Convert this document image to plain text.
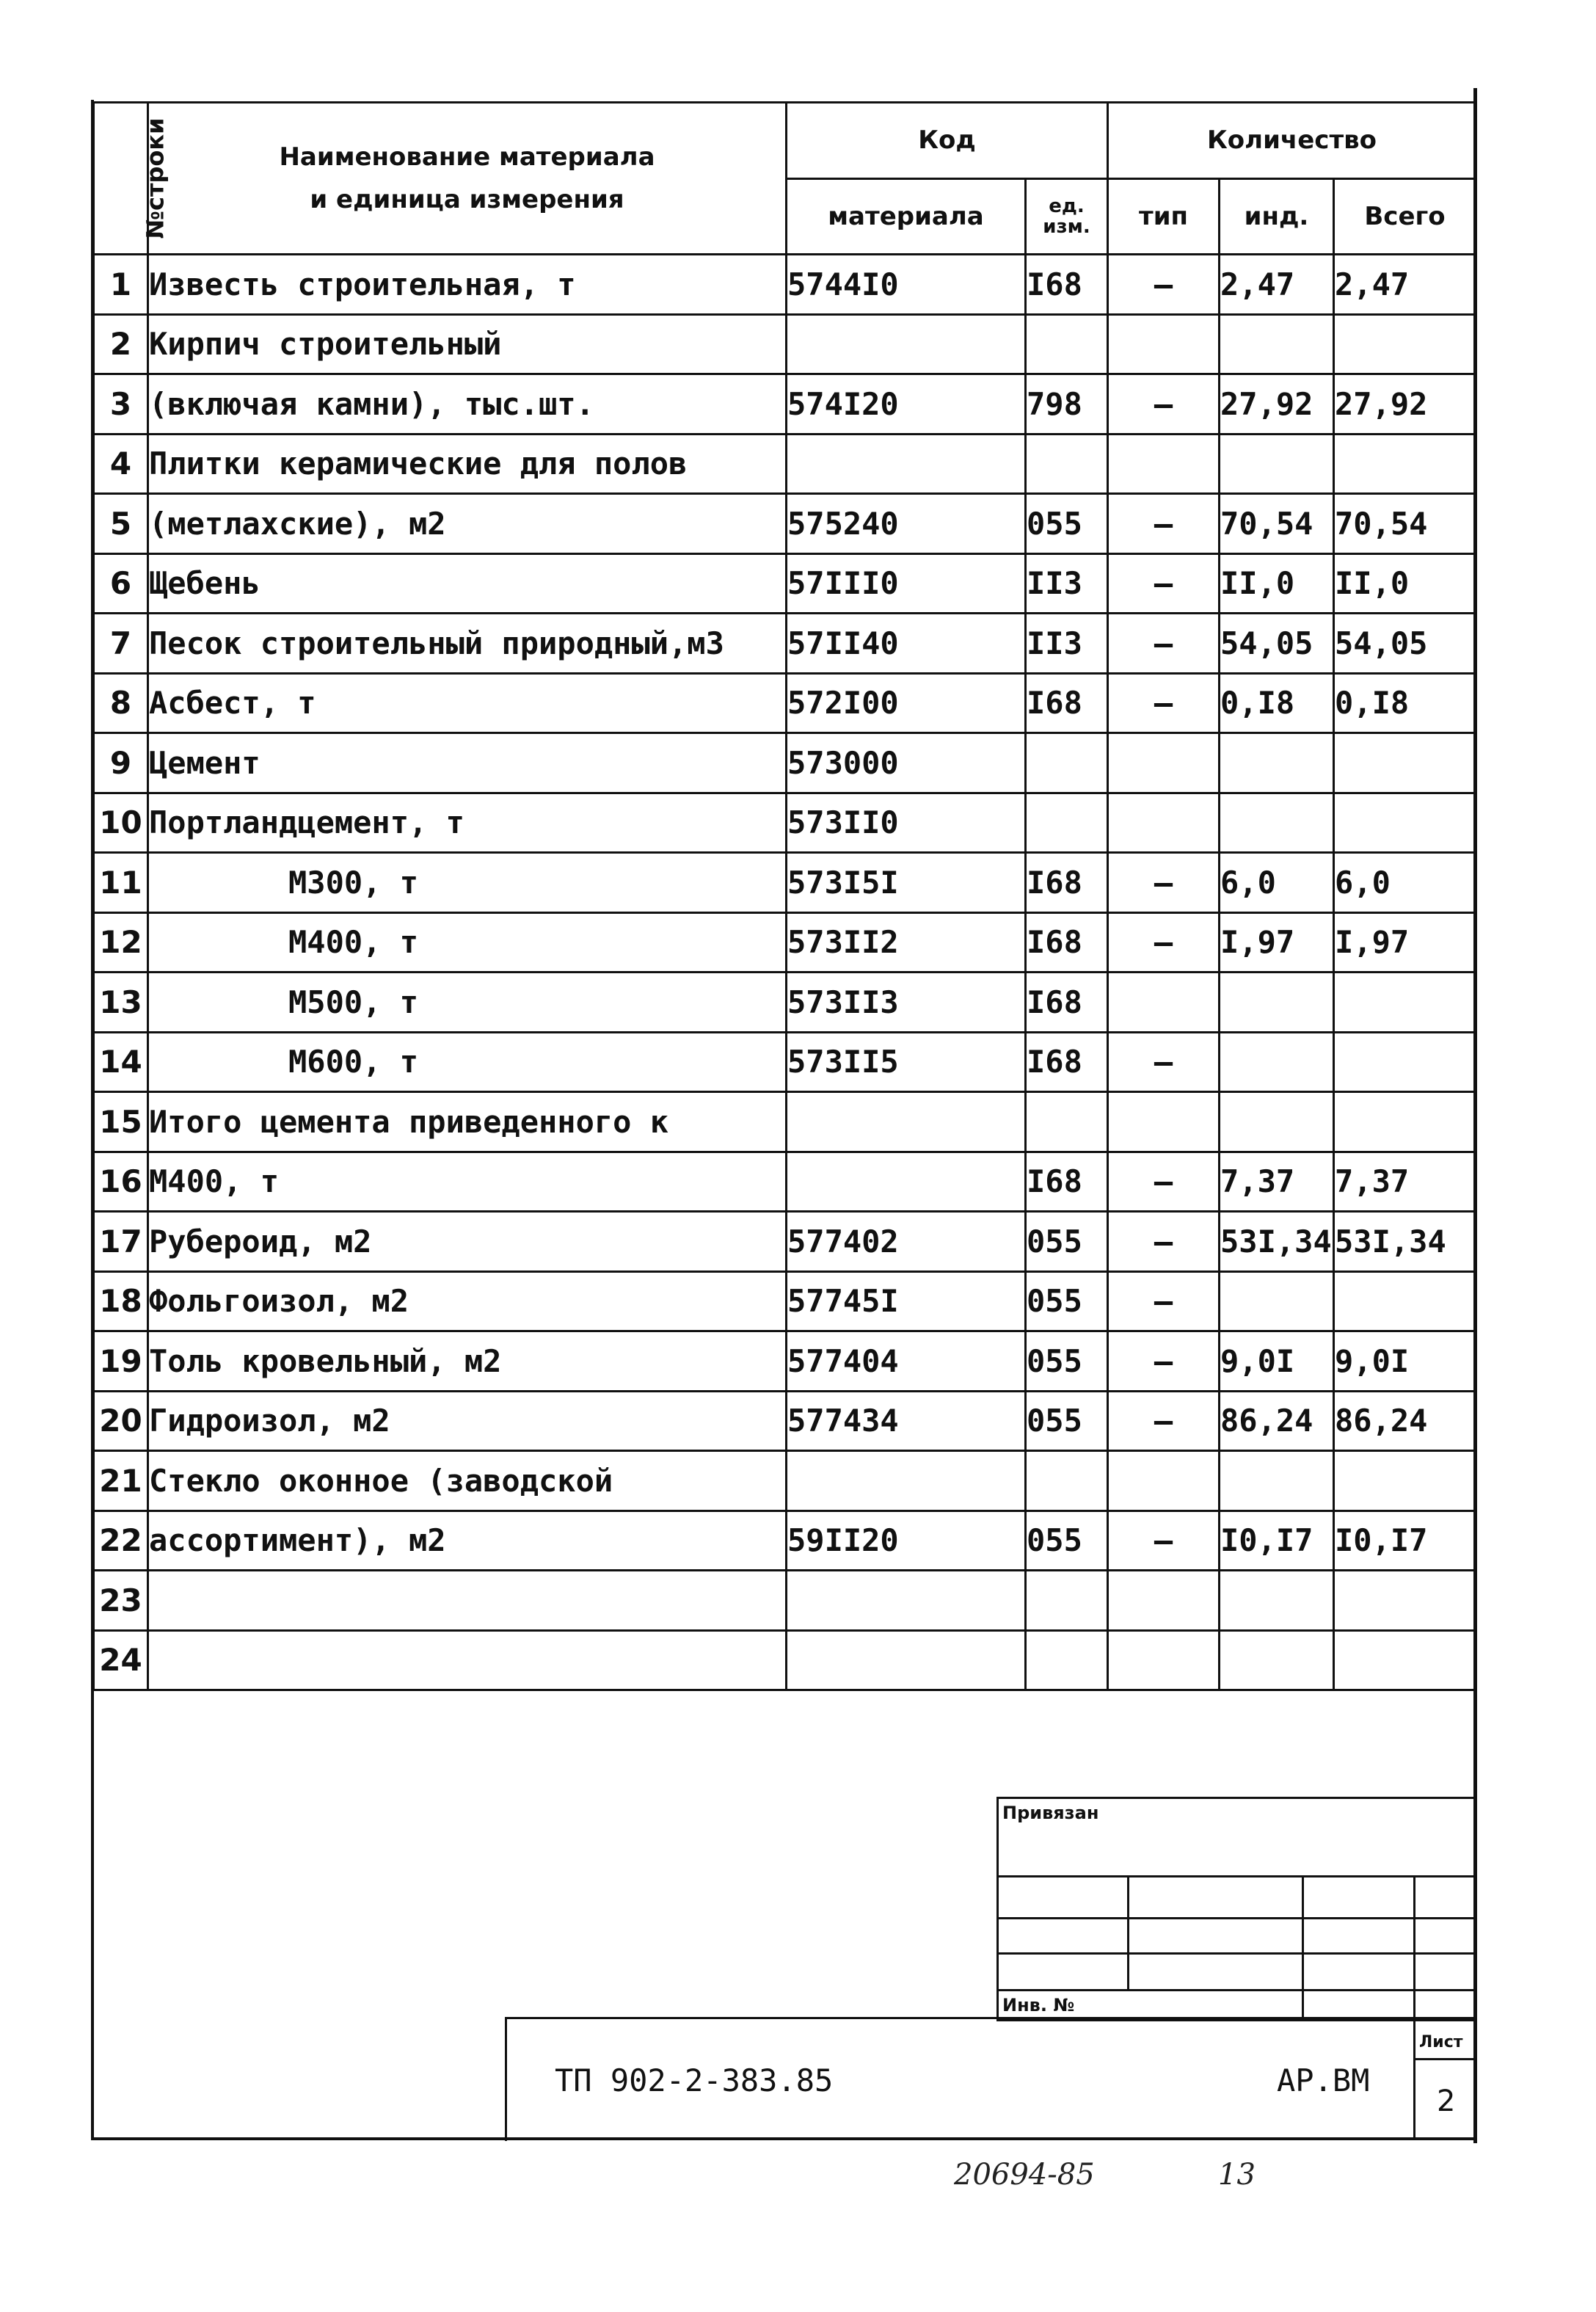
№строки	Наименование материала
и единица измерения	Код		Количество		
		материала	ед. изм.	тип	инд.	Всего
1	Известь строительная, т	5744I0	I68	–	2,47	2,47
2	Кирпич строительный					
3	(включая камни), тыс.шт.	574I20	798	–	27,92	27,92
4	Плитки керамические для полов					
5	(метлахские), м2	575240	055	–	70,54	70,54
6	Щебень	57III0	II3	–	II,0	II,0
7	Песок строительный природный,м3	57II40	II3	–	54,05	54,05
8	Асбест, т	572I00	I68	–	0,I8	0,I8
9	Цемент	573000				
10	Портландцемент, т	573II0				
11	М300, т	573I5I	I68	–	6,0	6,0
12	М400, т	573II2	I68	–	I,97	I,97
13	М500, т	573II3	I68			
14	М600, т	573II5	I68	–		
15	Итого цемента приведенного к					
16	М400, т		I68	–	7,37	7,37
17	Рубероид, м2	577402	055	–	53I,34	53I,34
18	Фольгоизол, м2	57745I	055	–		
19	Толь кровельный, м2	577404	055	–	9,0I	9,0I
20	Гидроизол, м2	577434	055	–	86,24	86,24
21	Стекло оконное (заводской					
22	ассортимент), м2	59II20	055	–	I0,I7	I0,I7
23						
24						
Привязан
Инв. №
ТП 902-2-383.85	АР.ВМ
Лист
2
20694-85	13
